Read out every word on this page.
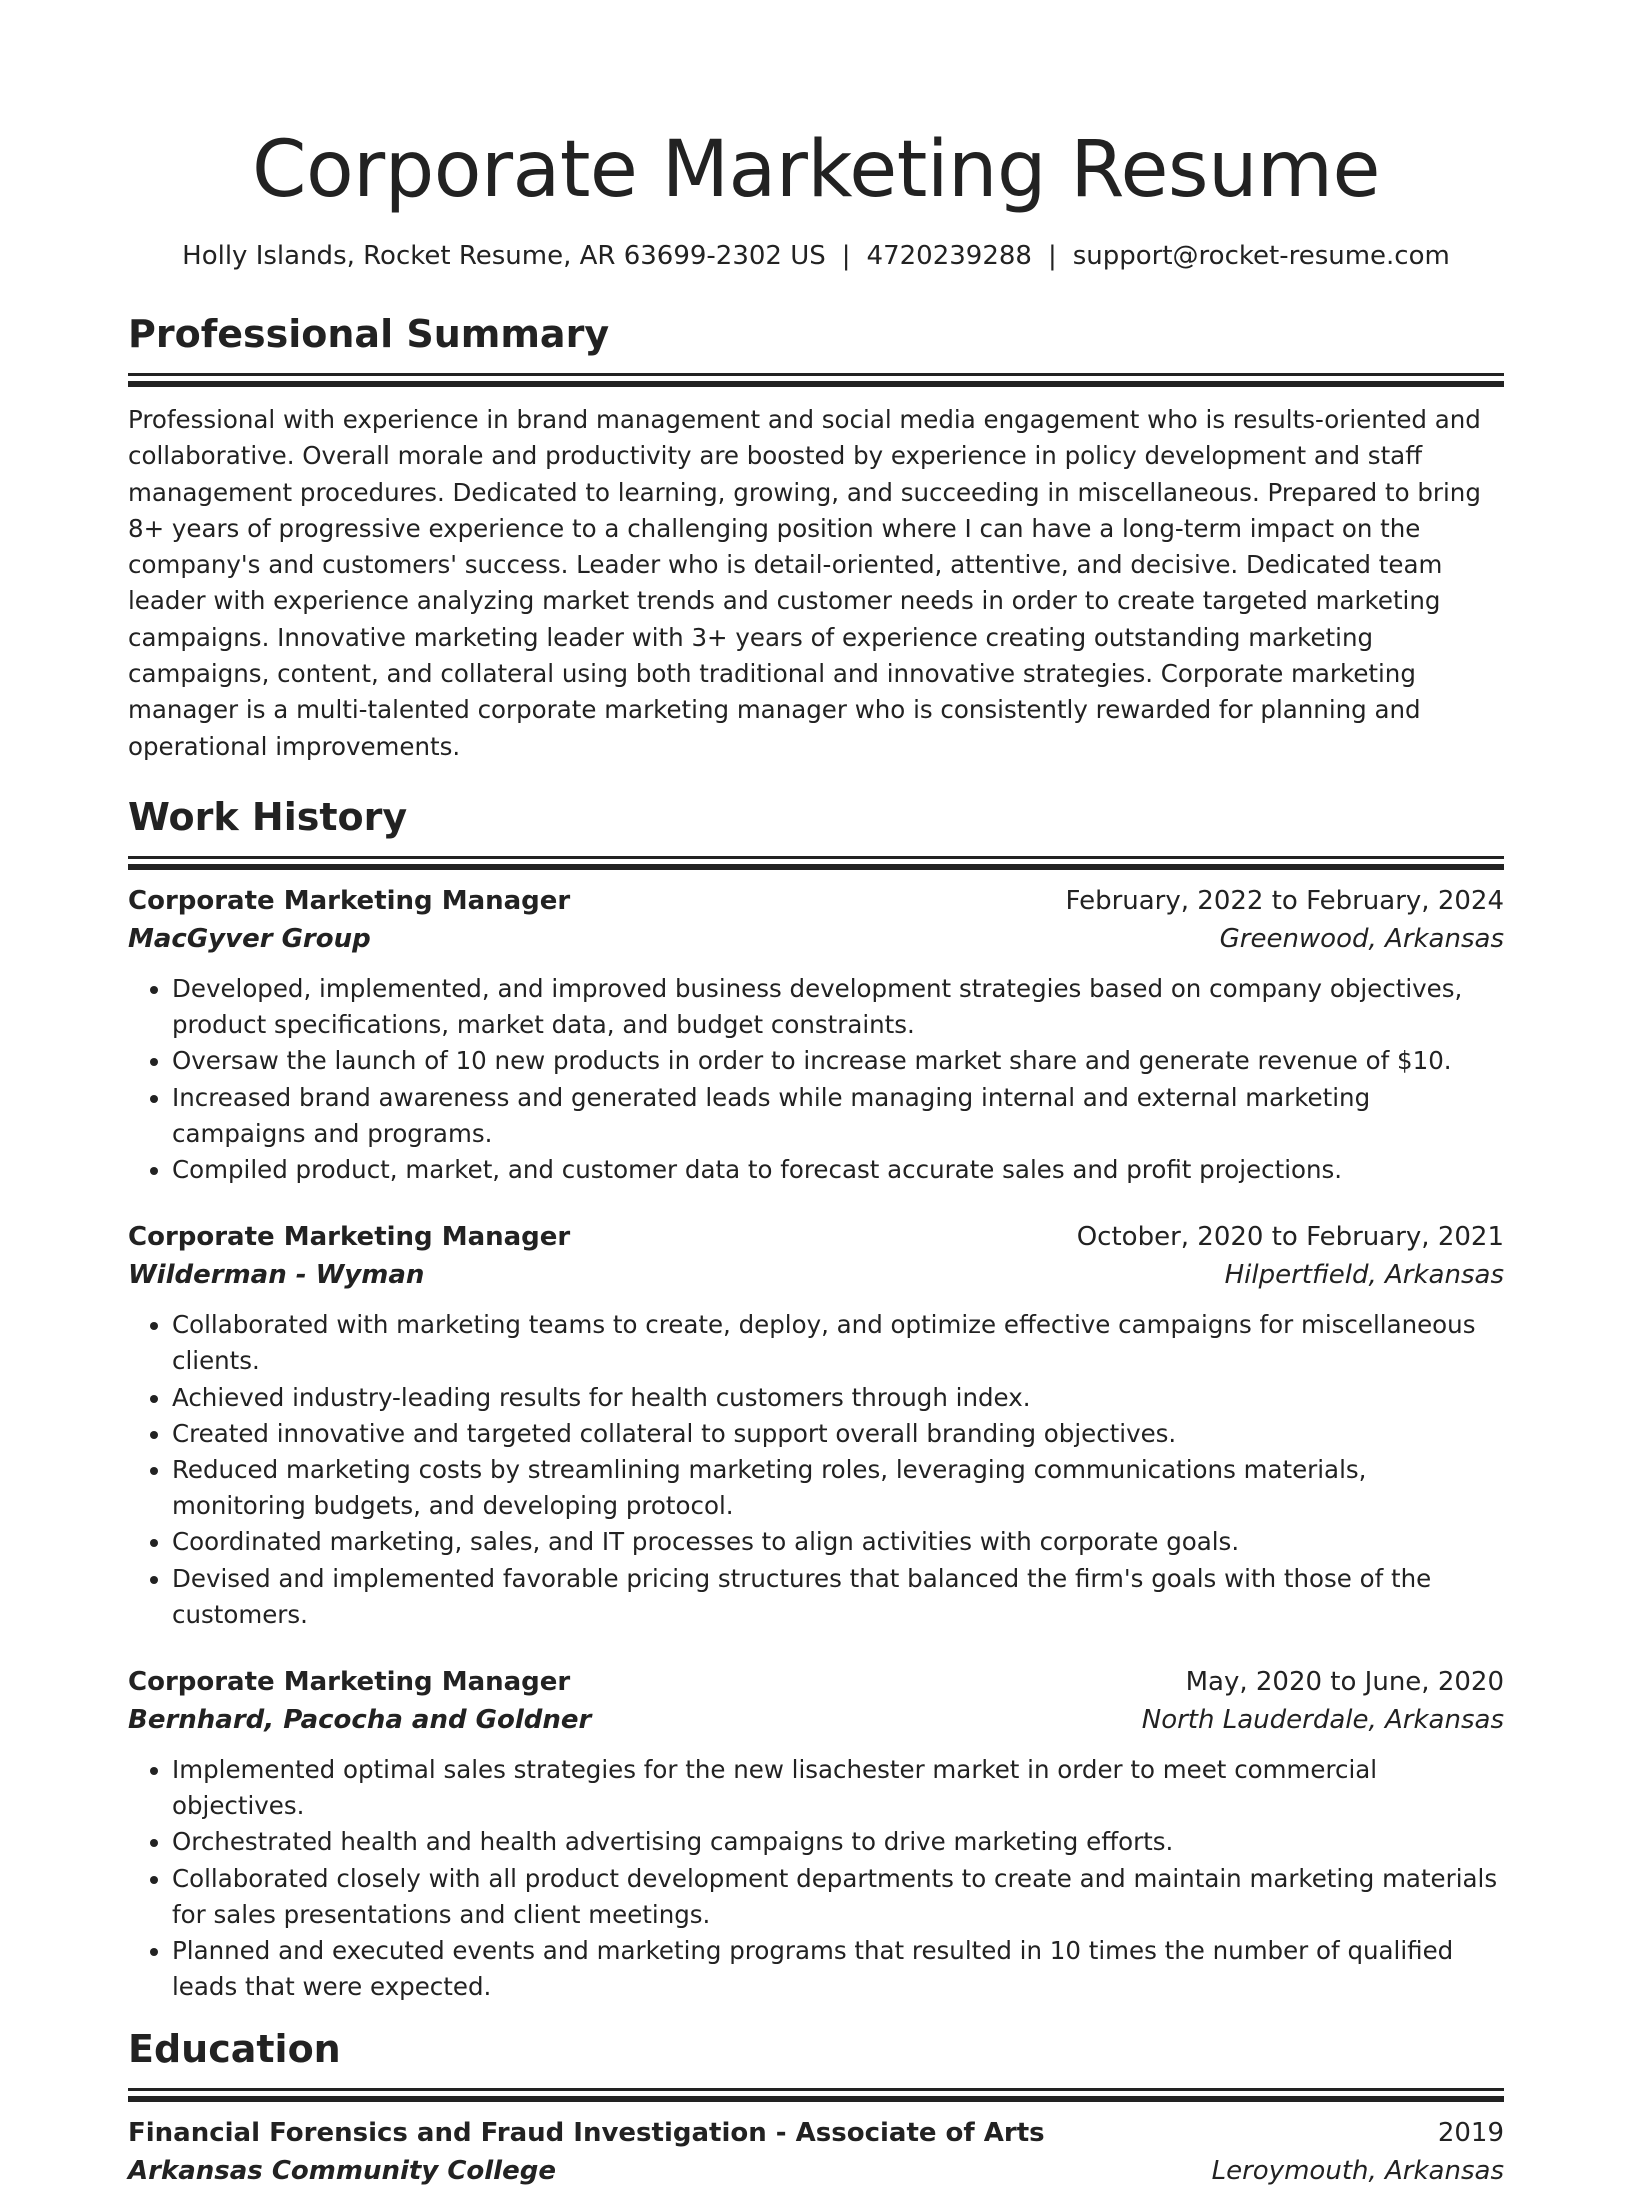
Corporate Marketing Resume
Holly Islands, Rocket Resume, AR 63699-2302 US | 4720239288 | support@rocket-resume.com
Professional Summary

Professional with experience in brand management and social media engagement who is results-oriented and collaborative. Overall morale and productivity are boosted by experience in policy development and staff management procedures. Dedicated to learning, growing, and succeeding in miscellaneous. Prepared to bring 8+ years of progressive experience to a challenging position where I can have a long-term impact on the company's and customers' success. Leader who is detail-oriented, attentive, and decisive. Dedicated team leader with experience analyzing market trends and customer needs in order to create targeted marketing campaigns. Innovative marketing leader with 3+ years of experience creating outstanding marketing campaigns, content, and collateral using both traditional and innovative strategies. Corporate marketing manager is a multi-talented corporate marketing manager who is consistently rewarded for planning and operational improvements.

Work History
Corporate Marketing Manager	February, 2022 to February, 2024
MacGyver Group	Greenwood, Arkansas
• Developed, implemented, and improved business development strategies based on company objectives, product specifications, market data, and budget constraints.
• Oversaw the launch of 10 new products in order to increase market share and generate revenue of $10.
• Increased brand awareness and generated leads while managing internal and external marketing campaigns and programs.
• Compiled product, market, and customer data to forecast accurate sales and profit projections.
Corporate Marketing Manager	October, 2020 to February, 2021
Wilderman - Wyman	Hilpertfield, Arkansas
• Collaborated with marketing teams to create, deploy, and optimize effective campaigns for miscellaneous clients.
• Achieved industry-leading results for health customers through index.
• Created innovative and targeted collateral to support overall branding objectives.
• Reduced marketing costs by streamlining marketing roles, leveraging communications materials, monitoring budgets, and developing protocol.
• Coordinated marketing, sales, and IT processes to align activities with corporate goals.
• Devised and implemented favorable pricing structures that balanced the firm's goals with those of the customers.
Corporate Marketing Manager	May, 2020 to June, 2020
Bernhard, Pacocha and Goldner	North Lauderdale, Arkansas
• Implemented optimal sales strategies for the new lisachester market in order to meet commercial objectives.
• Orchestrated health and health advertising campaigns to drive marketing efforts.
• Collaborated closely with all product development departments to create and maintain marketing materials for sales presentations and client meetings.
• Planned and executed events and marketing programs that resulted in 10 times the number of qualified leads that were expected.
Education
Financial Forensics and Fraud Investigation - Associate of Arts	2019
Arkansas Community College	Leroymouth, Arkansas
